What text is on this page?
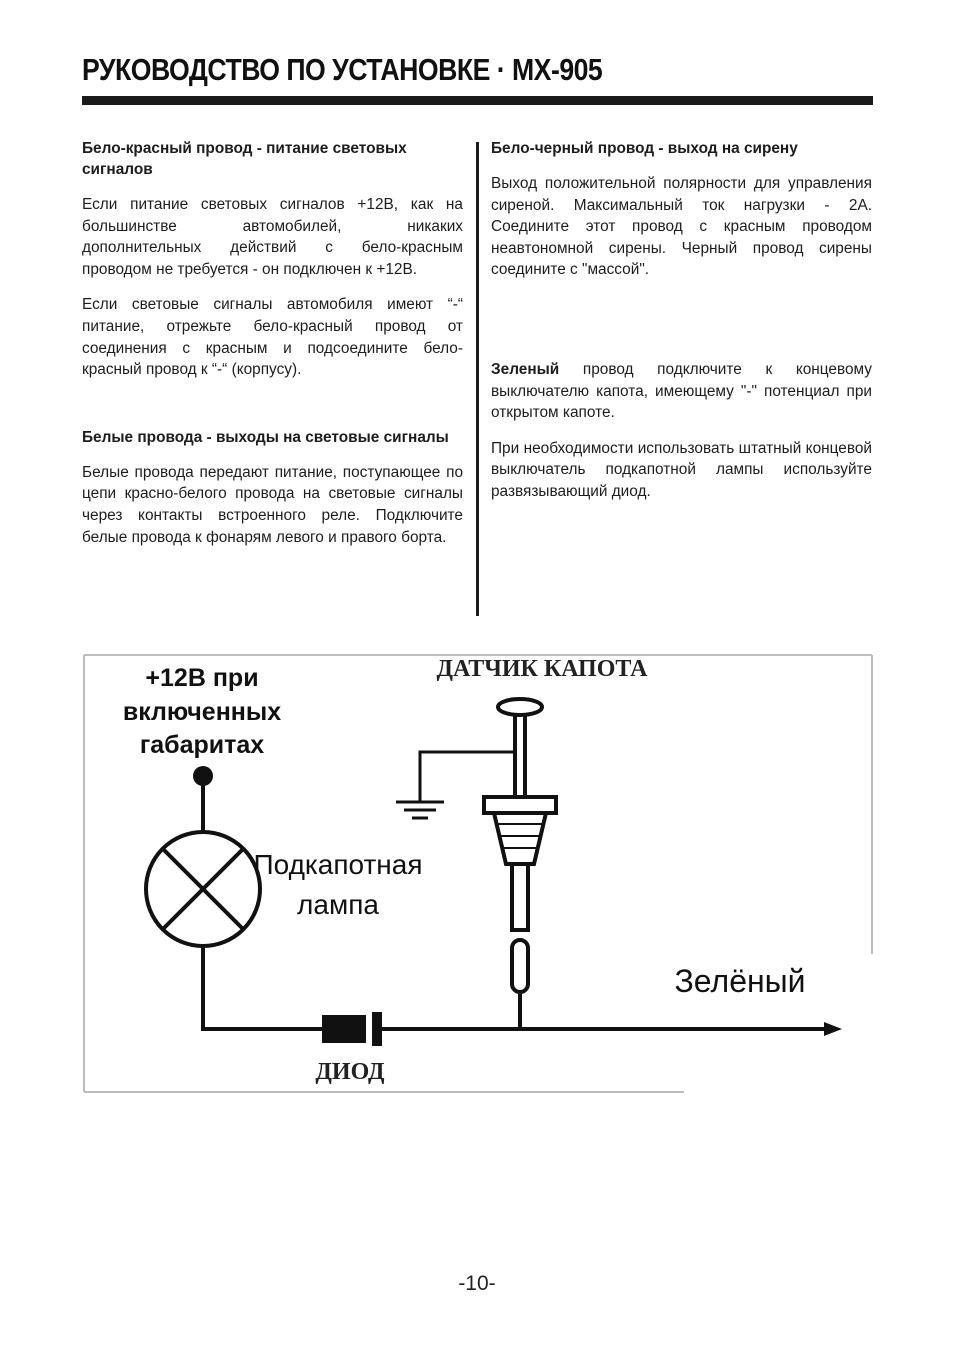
РУКОВОДСТВО ПО УСТАНОВКЕ · MX-905
Бело-красный провод - питание световых сигналов

Если питание световых сигналов +12В, как на большинстве автомобилей, никаких дополнительных действий с бело-красным проводом не требуется - он подключен к +12В.

Если световые сигналы автомобиля имеют “-“ питание, отрежьте бело-красный провод от соединения с красным и подсоедините бело-красный провод к “-“ (корпусу).

Белые провода - выходы на световые сигналы

Белые провода передают питание, поступающее по цепи красно-белого провода на световые сигналы через контакты встроенного реле. Подключите белые провода к фонарям левого и правого борта.

Бело-черный провод - выход на сирену

Выход положительной полярности для управления сиреной. Максимальный ток нагрузки - 2А. Соедините этот провод с красным проводом неавтономной сирены. Черный провод сирены соедините с "массой".

Зеленый провод подключите к концевому выключателю капота, имеющему "-" потенциал при открытом капоте.

При необходимости использовать штатный концевой выключатель подкапотной лампы используйте развязывающий диод.

+12В при
включенных
габаритах
Подкапотная
лампа
ДИОД
Зелёный
ДАТЧИК КАПОТА
-10-
